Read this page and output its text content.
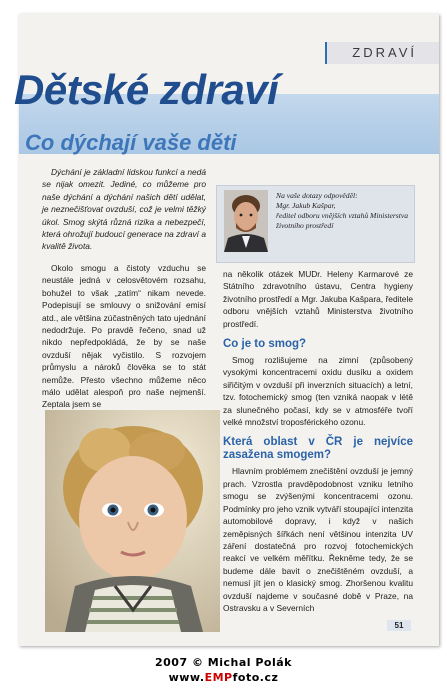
ZDRAVÍ
Dětské zdraví
Co dýchají vaše děti

Dýchání je základní lidskou funkcí a nedá se nijak omezit. Jediné, co můžeme pro naše dýchání a dýchání našich dětí udělat, je neznečišťovat ovzduší, což je velmi těžký úkol. Smog skýtá různá rizika a nebezpečí, která ohrožují budoucí generace na zdraví a kvalitě života.

Okolo smogu a čistoty vzduchu se neustále jedná v celosvětovém rozsahu, bohužel to však „zatím“ nikam nevede. Podepisují se smlouvy o snižování emisí atd., ale většina zúčastněných tato ujednání nedodržuje. Po pravdě řečeno, snad už nikdo nepředpokládá, že by se naše ovzduší nějak vyčistilo. S rozvojem průmyslu a nároků člověka se to stát nemůže. Přesto všechno můžeme něco málo udělat alespoň pro naše nejmenší. Zeptala jsem se

Na vaše dotazy odpověděl:
Mgr. Jakub Kašpar,
ředitel odboru vnějších vztahů Ministerstva životního prostředí

na několik otázek MUDr. Heleny Karmarové ze Státního zdravotního ústavu, Centra hygieny životního prostředí a Mgr. Jakuba Kašpara, ředitele odboru vnějších vztahů Ministerstva životního prostředí.

Co je to smog?

Smog rozlišujeme na zimní (způsobený vysokými koncentracemi oxidu dusíku a oxidem siřičitým v ovzduší při inverzních situacích) a letní, tzv. fotochemický smog (ten vzniká naopak v létě za slunečného počasí, kdy se v atmosféře tvoří velké množství troposférického ozonu.

Která oblast v ČR je nejvíce zasažena smogem?

Hlavním problémem znečištění ovzduší je jemný prach. Vzrostla pravděpodobnost vzniku letního smogu se zvýšenými koncentracemi ozonu. Podmínky pro jeho vznik vytváří stoupající intenzita automobilové dopravy, i když v našich zeměpisných šířkách není většinou intenzita UV záření dostatečná pro rozvoj fotochemických reakcí ve velkém měřítku. Řekněme tedy, že se budeme dále bavit o znečištěném ovzduší, a nemusí jít jen o klasický smog. Zhoršenou kvalitu ovzduší najdeme v současné době v Praze, na Ostravsku a v Severních

51
2007 © Michal Polák
www.EMPfoto.cz
